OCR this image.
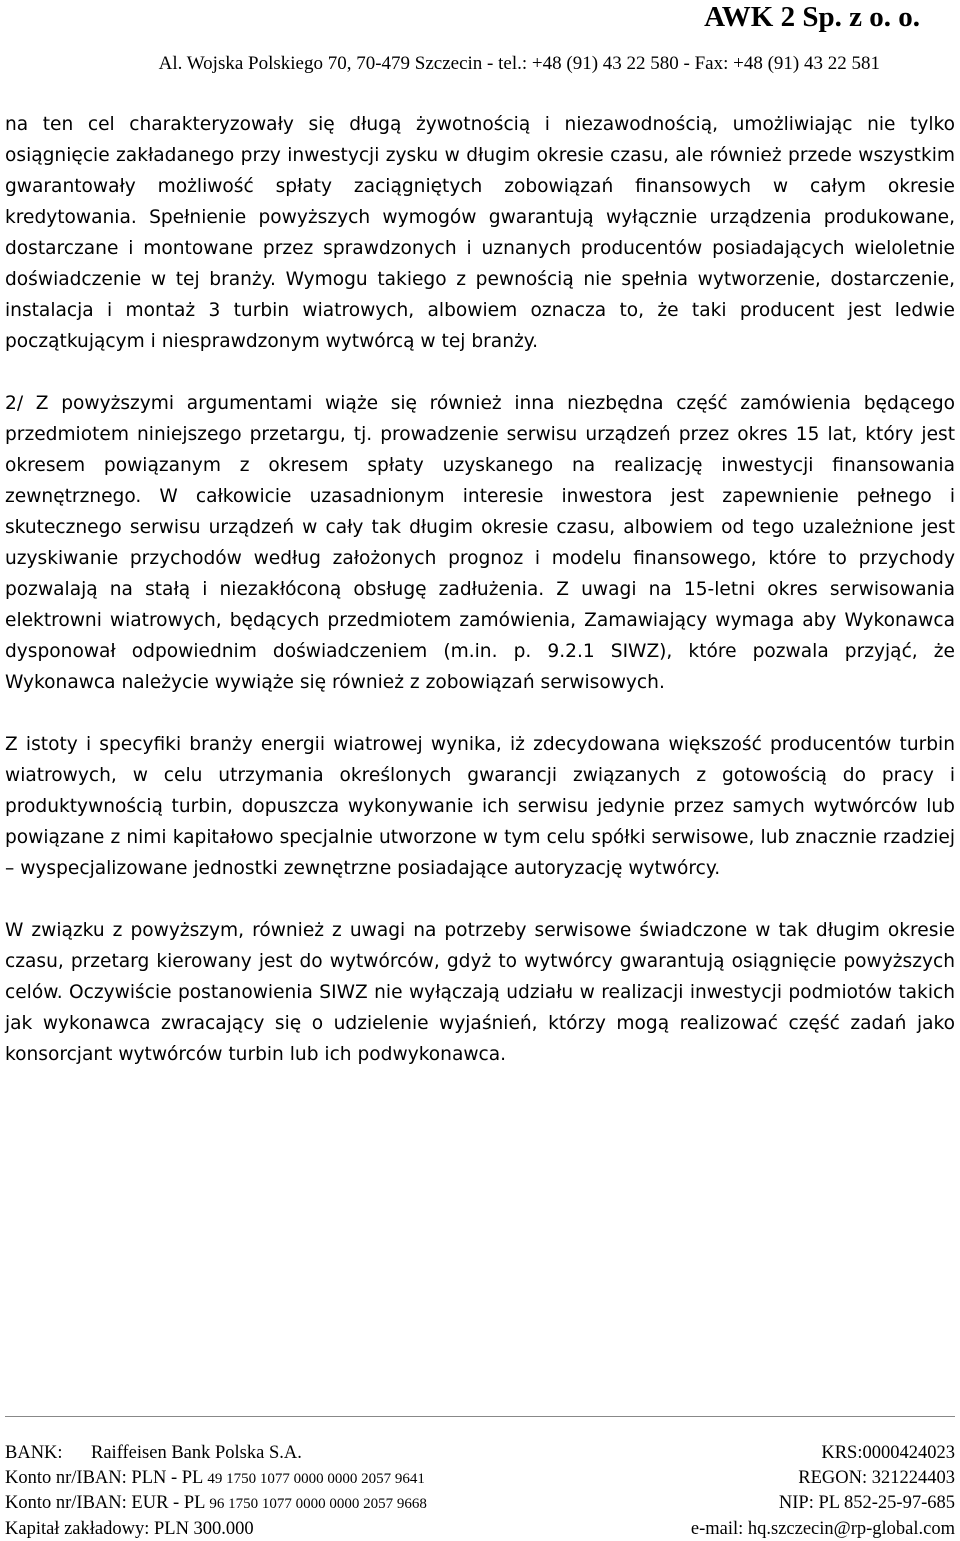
AWK 2 Sp. z o. o.
Al. Wojska Polskiego 70, 70-479 Szczecin - tel.: +48 (91) 43 22 580 - Fax: +48 (91) 43 22 581

na ten cel charakteryzowały się długą żywotnością i niezawodnością, umożliwiając nie tylko osiągnięcie zakładanego przy inwestycji zysku w długim okresie czasu, ale również przede wszystkim gwarantowały możliwość spłaty zaciągniętych zobowiązań finansowych w całym okresie kredytowania. Spełnienie powyższych wymogów gwarantują wyłącznie urządzenia produkowane, dostarczane i montowane przez sprawdzonych i uznanych producentów posiadających wieloletnie doświadczenie w tej branży. Wymogu takiego z pewnością nie spełnia wytworzenie, dostarczenie, instalacja i montaż 3 turbin wiatrowych, albowiem oznacza to, że taki producent jest ledwie początkującym i niesprawdzonym wytwórcą w tej branży.

2/ Z powyższymi argumentami wiąże się również inna niezbędna część zamówienia będącego przedmiotem niniejszego przetargu, tj. prowadzenie serwisu urządzeń przez okres 15 lat, który jest okresem powiązanym z okresem spłaty uzyskanego na realizację inwestycji finansowania zewnętrznego. W całkowicie uzasadnionym interesie inwestora jest zapewnienie pełnego i skutecznego serwisu urządzeń w cały tak długim okresie czasu, albowiem od tego uzależnione jest uzyskiwanie przychodów według założonych prognoz i modelu finansowego, które to przychody pozwalają na stałą i niezakłóconą obsługę zadłużenia. Z uwagi na 15-letni okres serwisowania elektrowni wiatrowych, będących przedmiotem zamówienia, Zamawiający wymaga aby Wykonawca dysponował odpowiednim doświadczeniem (m.in. p. 9.2.1 SIWZ), które pozwala przyjąć, że Wykonawca należycie wywiąże się również z zobowiązań serwisowych.

Z istoty i specyfiki branży energii wiatrowej wynika, iż zdecydowana większość producentów turbin wiatrowych, w celu utrzymania określonych gwarancji związanych z gotowością do pracy i produktywnością turbin, dopuszcza wykonywanie ich serwisu jedynie przez samych wytwórców lub powiązane z nimi kapitałowo specjalnie utworzone w tym celu spółki serwisowe, lub znacznie rzadziej – wyspecjalizowane jednostki zewnętrzne posiadające autoryzację wytwórcy.

W związku z powyższym, również z uwagi na potrzeby serwisowe świadczone w tak długim okresie czasu, przetarg kierowany jest do wytwórców, gdyż to wytwórcy gwarantują osiągnięcie powyższych celów. Oczywiście postanowienia SIWZ nie wyłączają udziału w realizacji inwestycji podmiotów takich jak wykonawca zwracający się o udzielenie wyjaśnień, którzy mogą realizować część zadań jako konsorcjant wytwórców turbin lub ich podwykonawca.

BANK: Raiffeisen Bank Polska S.A.	KRS:0000424023
Konto nr/IBAN: PLN - PL 49 1750 1077 0000 0000 2057 9641	REGON: 321224403
Konto nr/IBAN: EUR - PL 96 1750 1077 0000 0000 2057 9668	NIP: PL 852-25-97-685
Kapitał zakładowy: PLN 300.000	e-mail: hq.szczecin@rp-global.com
